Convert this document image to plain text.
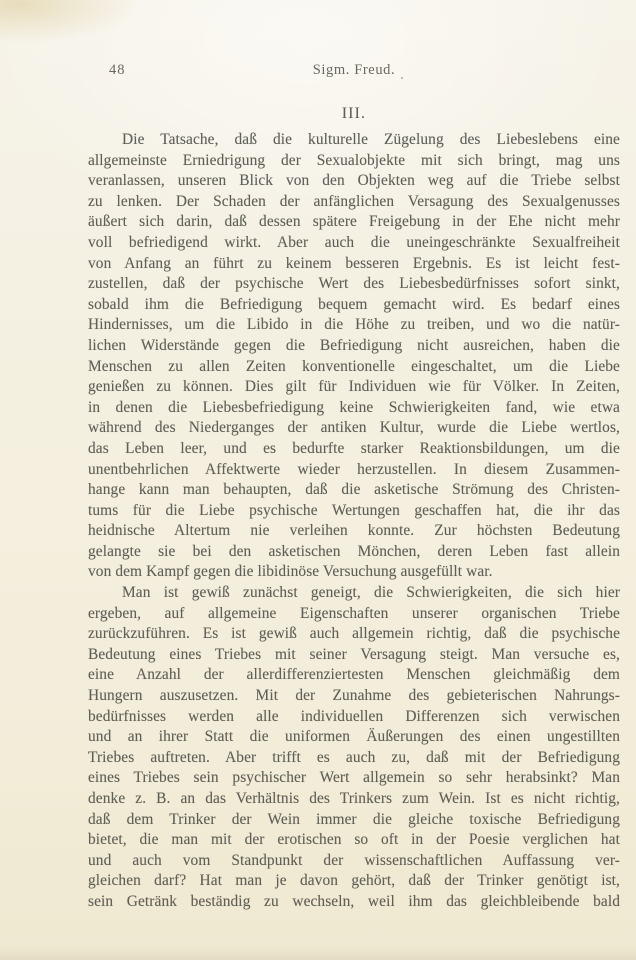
48	Sigm. Freud.
III.
Die Tatsache, daß die kulturelle Zügelung des Liebeslebens eine
allgemeinste Erniedrigung der Sexualobjekte mit sich bringt, mag uns
veranlassen, unseren Blick von den Objekten weg auf die Triebe selbst
zu lenken. Der Schaden der anfänglichen Versagung des Sexualgenusses
äußert sich darin, daß dessen spätere Freigebung in der Ehe nicht mehr
voll befriedigend wirkt. Aber auch die uneingeschränkte Sexualfreiheit
von Anfang an führt zu keinem besseren Ergebnis. Es ist leicht fest-
zustellen, daß der psychische Wert des Liebesbedürfnisses sofort sinkt,
sobald ihm die Befriedigung bequem gemacht wird. Es bedarf eines
Hindernisses, um die Libido in die Höhe zu treiben, und wo die natür-
lichen Widerstände gegen die Befriedigung nicht ausreichen, haben die
Menschen zu allen Zeiten konventionelle eingeschaltet, um die Liebe
genießen zu können. Dies gilt für Individuen wie für Völker. In Zeiten,
in denen die Liebesbefriedigung keine Schwierigkeiten fand, wie etwa
während des Niederganges der antiken Kultur, wurde die Liebe wertlos,
das Leben leer, und es bedurfte starker Reaktionsbildungen, um die
unentbehrlichen Affektwerte wieder herzustellen. In diesem Zusammen-
hange kann man behaupten, daß die asketische Strömung des Christen-
tums für die Liebe psychische Wertungen geschaffen hat, die ihr das
heidnische Altertum nie verleihen konnte. Zur höchsten Bedeutung
gelangte sie bei den asketischen Mönchen, deren Leben fast allein
von dem Kampf gegen die libidinöse Versuchung ausgefüllt war.
Man ist gewiß zunächst geneigt, die Schwierigkeiten, die sich hier
ergeben, auf allgemeine Eigenschaften unserer organischen Triebe
zurückzuführen. Es ist gewiß auch allgemein richtig, daß die psychische
Bedeutung eines Triebes mit seiner Versagung steigt. Man versuche es,
eine Anzahl der allerdifferenziertesten Menschen gleichmäßig dem
Hungern auszusetzen. Mit der Zunahme des gebieterischen Nahrungs-
bedürfnisses werden alle individuellen Differenzen sich verwischen
und an ihrer Statt die uniformen Äußerungen des einen ungestillten
Triebes auftreten. Aber trifft es auch zu, daß mit der Befriedigung
eines Triebes sein psychischer Wert allgemein so sehr herabsinkt? Man
denke z. B. an das Verhältnis des Trinkers zum Wein. Ist es nicht richtig,
daß dem Trinker der Wein immer die gleiche toxische Befriedigung
bietet, die man mit der erotischen so oft in der Poesie verglichen hat
und auch vom Standpunkt der wissenschaftlichen Auffassung ver-
gleichen darf? Hat man je davon gehört, daß der Trinker genötigt ist,
sein Getränk beständig zu wechseln, weil ihm das gleichbleibende bald
